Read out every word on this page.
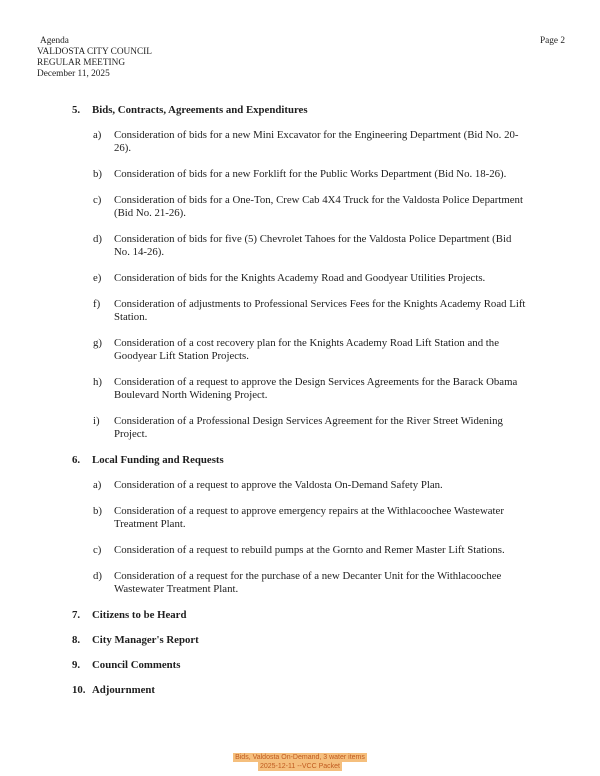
Agenda
VALDOSTA CITY COUNCIL
REGULAR MEETING
December 11, 2025
Page 2
5.	Bids, Contracts, Agreements and Expenditures
a)	Consideration of bids for a new Mini Excavator for the Engineering Department (Bid No. 20-26).
b)	Consideration of bids for a new Forklift for the Public Works Department (Bid No. 18-26).
c)	Consideration of bids for a One-Ton, Crew Cab 4X4 Truck for the Valdosta Police Department (Bid No. 21-26).
d)	Consideration of bids for five (5) Chevrolet Tahoes for the Valdosta Police Department (Bid No. 14-26).
e)	Consideration of bids for the Knights Academy Road and Goodyear Utilities Projects.
f)	Consideration of adjustments to Professional Services Fees for the Knights Academy Road Lift Station.
g)	Consideration of a cost recovery plan for the Knights Academy Road Lift Station and the Goodyear Lift Station Projects.
h)	Consideration of a request to approve the Design Services Agreements for the Barack Obama Boulevard North Widening Project.
i)	Consideration of a Professional Design Services Agreement for the River Street Widening Project.
6.	Local Funding and Requests
a)	Consideration of a request to approve the Valdosta On-Demand Safety Plan.
b)	Consideration of a request to approve emergency repairs at the Withlacoochee Wastewater Treatment Plant.
c)	Consideration of a request to rebuild pumps at the Gornto and Remer Master Lift Stations.
d)	Consideration of a request for the purchase of a new Decanter Unit for the Withlacoochee Wastewater Treatment Plant.
7.	Citizens to be Heard
8.	City Manager's Report
9.	Council Comments
10. Adjournment
Bids, Valdosta On-Demand, 3 water items
2025-12-11 --VCC Packet
